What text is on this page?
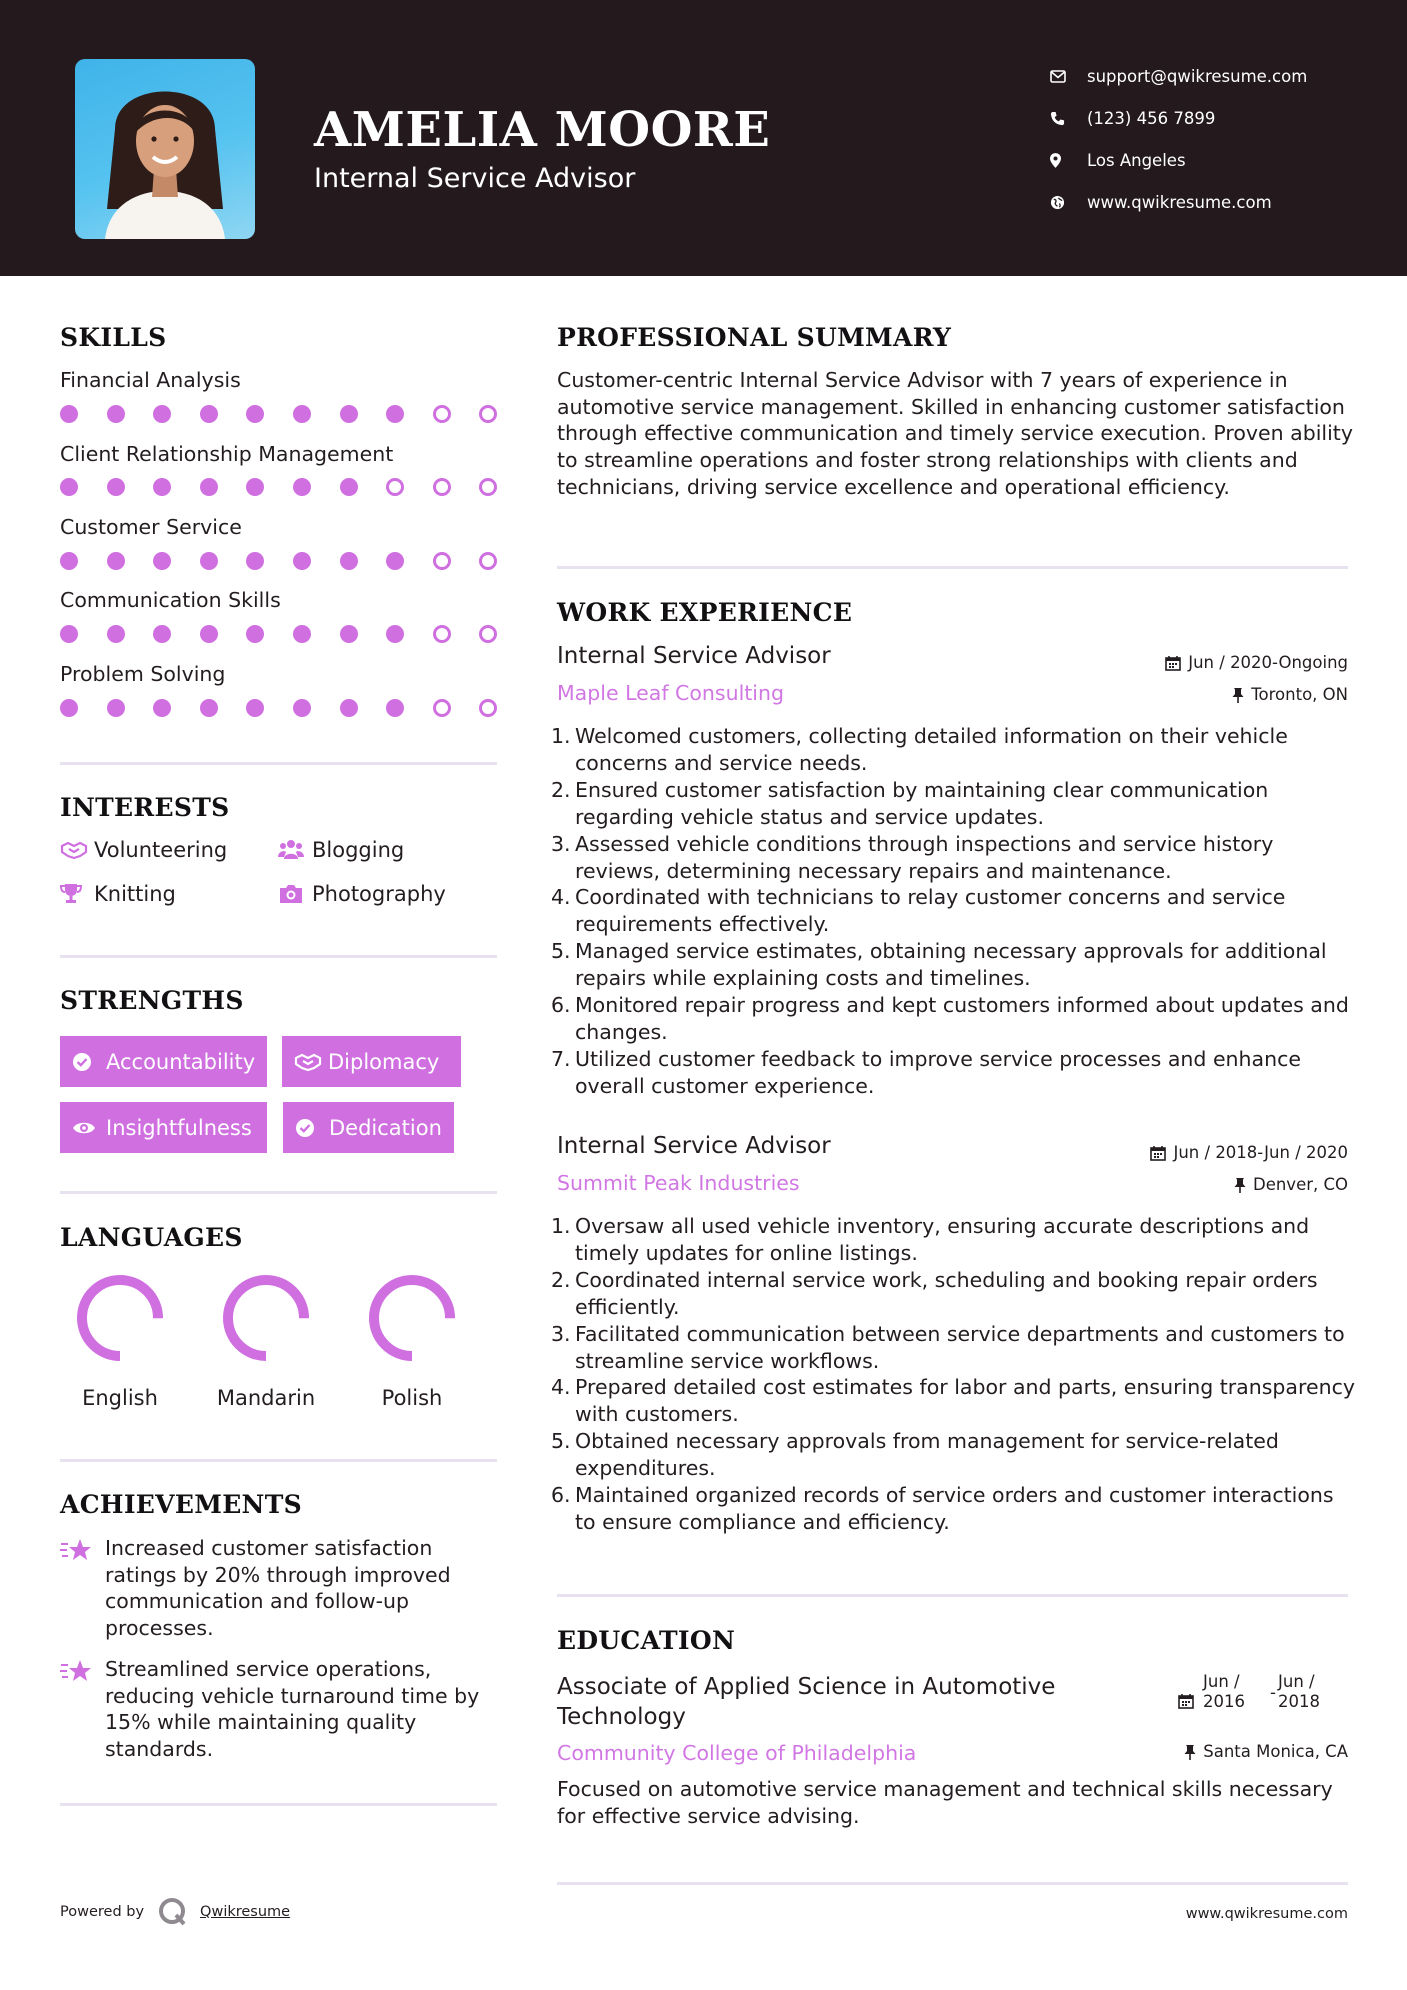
AMELIA MOORE
Internal Service Advisor
support@qwikresume.com
(123) 456 7899
Los Angeles
www.qwikresume.com
SKILLS
Financial Analysis
Client Relationship Management
Customer Service
Communication Skills
Problem Solving
INTERESTS
Volunteering	Blogging
Knitting	Photography
STRENGTHS
Accountability	Diplomacy
Insightfulness	Dedication
LANGUAGES
English	Mandarin	Polish
ACHIEVEMENTS
Increased customer satisfaction ratings by 20% through improved communication and follow-up processes.
Streamlined service operations, reducing vehicle turnaround time by 15% while maintaining quality standards.
PROFESSIONAL SUMMARY
Customer-centric Internal Service Advisor with 7 years of experience in automotive service management. Skilled in enhancing customer satisfaction through effective communication and timely service execution. Proven ability to streamline operations and foster strong relationships with clients and technicians, driving service excellence and operational efficiency.
WORK EXPERIENCE
Internal Service Advisor	Jun / 2020-Ongoing
Maple Leaf Consulting	Toronto, ON
1. Welcomed customers, collecting detailed information on their vehicle concerns and service needs.
2. Ensured customer satisfaction by maintaining clear communication regarding vehicle status and service updates.
3. Assessed vehicle conditions through inspections and service history reviews, determining necessary repairs and maintenance.
4. Coordinated with technicians to relay customer concerns and service requirements effectively.
5. Managed service estimates, obtaining necessary approvals for additional repairs while explaining costs and timelines.
6. Monitored repair progress and kept customers informed about updates and changes.
7. Utilized customer feedback to improve service processes and enhance overall customer experience.
Internal Service Advisor	Jun / 2018-Jun / 2020
Summit Peak Industries	Denver, CO
1. Oversaw all used vehicle inventory, ensuring accurate descriptions and timely updates for online listings.
2. Coordinated internal service work, scheduling and booking repair orders efficiently.
3. Facilitated communication between service departments and customers to streamline service workflows.
4. Prepared detailed cost estimates for labor and parts, ensuring transparency with customers.
5. Obtained necessary approvals from management for service-related expenditures.
6. Maintained organized records of service orders and customer interactions to ensure compliance and efficiency.
EDUCATION
Associate of Applied Science in Automotive Technology
Jun / 2016	-
Jun / 2018
Community College of Philadelphia	Santa Monica, CA
Focused on automotive service management and technical skills necessary for effective service advising.
Powered by	Qwikresume	www.qwikresume.com
